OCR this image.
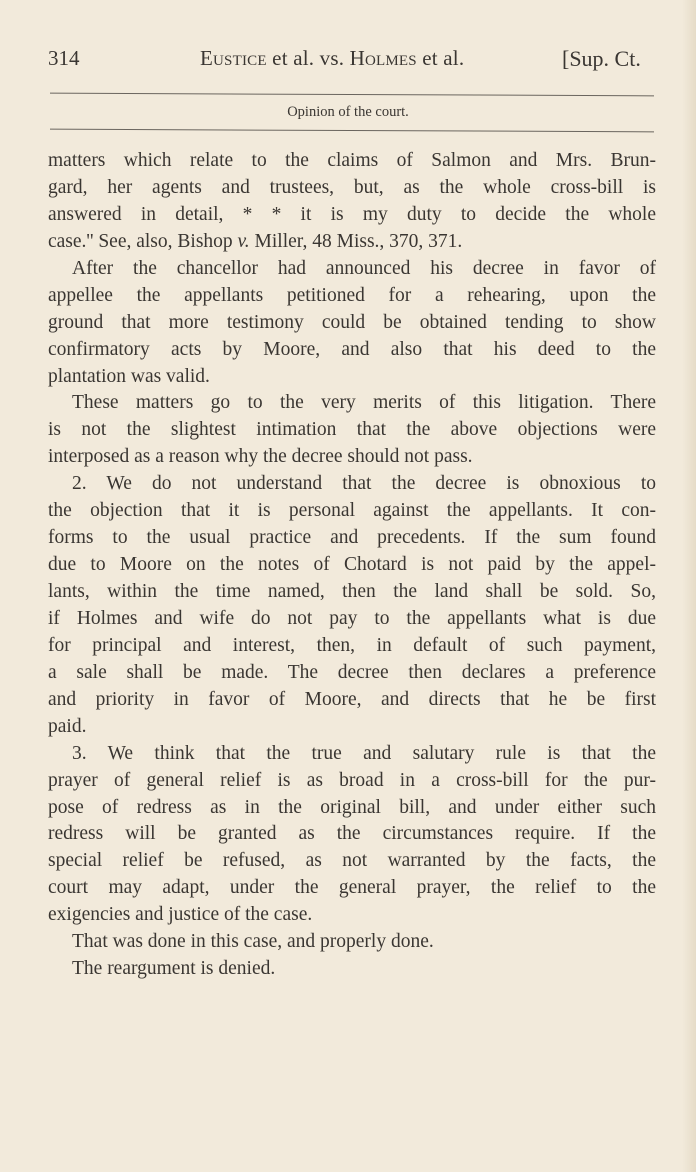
314	Eustice et al. vs. Holmes et al.	[Sup. Ct.
Opinion of the court.
matters which relate to the claims of Salmon and Mrs. Brun-
gard, her agents and trustees, but, as the whole cross-bill is
answered in detail, * * it is my duty to decide the whole
case.'' See, also, Bishop v. Miller, 48 Miss., 370, 371.
After the chancellor had announced his decree in favor of
appellee the appellants petitioned for a rehearing, upon the
ground that more testimony could be obtained tending to show
confirmatory acts by Moore, and also that his deed to the
plantation was valid.
These matters go to the very merits of this litigation. There
is not the slightest intimation that the above objections were
interposed as a reason why the decree should not pass.
2. We do not understand that the decree is obnoxious to
the objection that it is personal against the appellants. It con-
forms to the usual practice and precedents. If the sum found
due to Moore on the notes of Chotard is not paid by the appel-
lants, within the time named, then the land shall be sold. So,
if Holmes and wife do not pay to the appellants what is due
for principal and interest, then, in default of such payment,
a sale shall be made. The decree then declares a preference
and priority in favor of Moore, and directs that he be first
paid.
3. We think that the true and salutary rule is that the
prayer of general relief is as broad in a cross-bill for the pur-
pose of redress as in the original bill, and under either such
redress will be granted as the circumstances require. If the
special relief be refused, as not warranted by the facts, the
court may adapt, under the general prayer, the relief to the
exigencies and justice of the case.
That was done in this case, and properly done.
The reargument is denied.
